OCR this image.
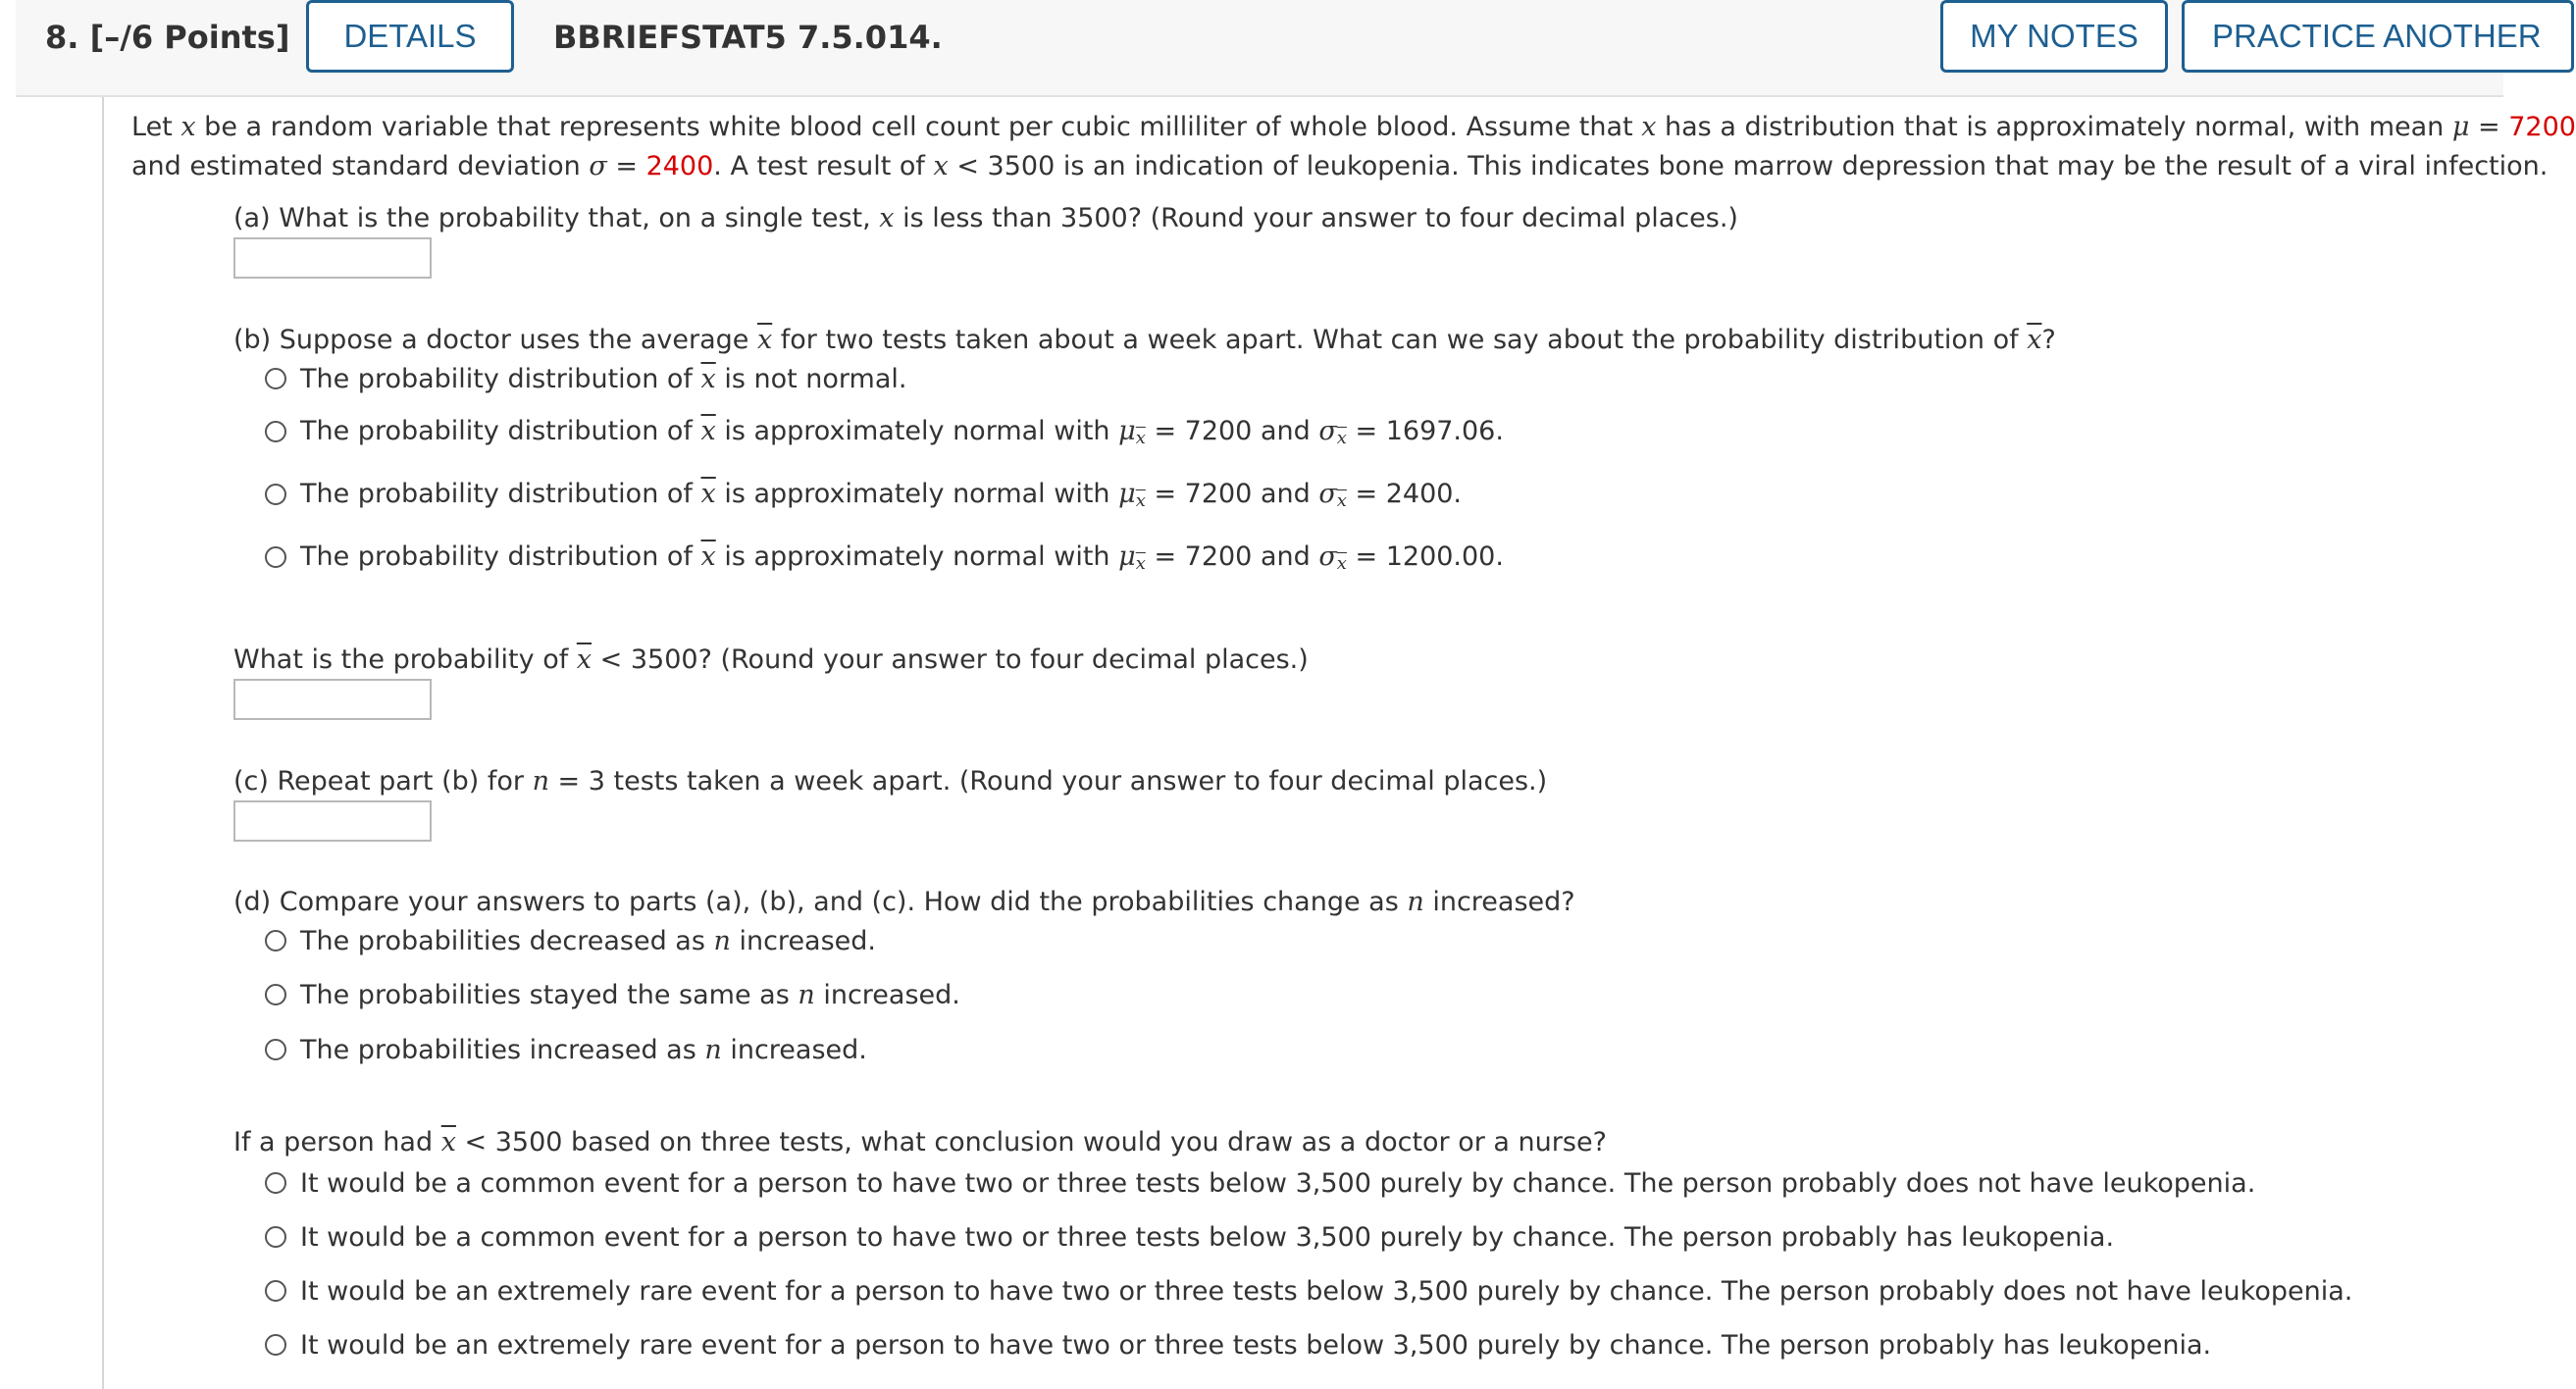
8. [–/6 Points] DETAILS BBRIEFSTAT5 7.5.014.	MY NOTES PRACTICE ANOTHER
Let x be a random variable that represents white blood cell count per cubic milliliter of whole blood. Assume that x has a distribution that is approximately normal, with mean μ = 7200
and estimated standard deviation σ = 2400. A test result of x < 3500 is an indication of leukopenia. This indicates bone marrow depression that may be the result of a viral infection.
(a) What is the probability that, on a single test, x is less than 3500? (Round your answer to four decimal places.)
(b) Suppose a doctor uses the average $\overline{x}$ for two tests taken about a week apart. What can we say about the probability distribution of $\overline{x}$?
The probability distribution of $\overline{x}$ is not normal.
The probability distribution of $\overline{x}$ is approximately normal with $\mu_{\overline{x}} = 7200$ and $\sigma_{\overline{x}} = 1697.06$.
The probability distribution of $\overline{x}$ is approximately normal with $\mu_{\overline{x}} = 7200$ and $\sigma_{\overline{x}} = 2400$.
The probability distribution of $\overline{x}$ is approximately normal with $\mu_{\overline{x}} = 7200$ and $\sigma_{\overline{x}} = 1200.00$.
What is the probability of $\overline{x} < 3500$? (Round your answer to four decimal places.)
(c) Repeat part (b) for n = 3 tests taken a week apart. (Round your answer to four decimal places.)
(d) Compare your answers to parts (a), (b), and (c). How did the probabilities change as n increased?
The probabilities decreased as n increased.
The probabilities stayed the same as n increased.
The probabilities increased as n increased.
If a person had $\overline{x} < 3500$ based on three tests, what conclusion would you draw as a doctor or a nurse?
It would be a common event for a person to have two or three tests below 3,500 purely by chance. The person probably does not have leukopenia.
It would be a common event for a person to have two or three tests below 3,500 purely by chance. The person probably has leukopenia.
It would be an extremely rare event for a person to have two or three tests below 3,500 purely by chance. The person probably does not have leukopenia.
It would be an extremely rare event for a person to have two or three tests below 3,500 purely by chance. The person probably has leukopenia.
